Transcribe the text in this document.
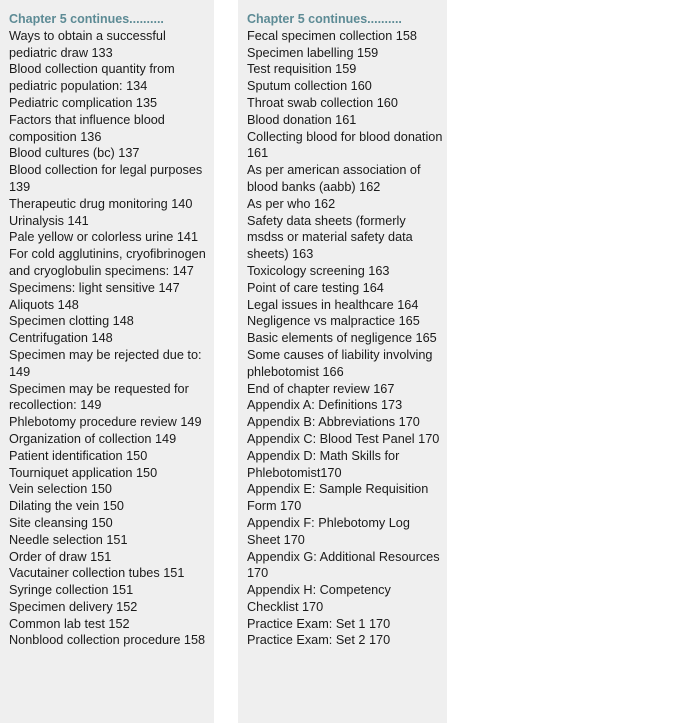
Chapter 5 continues..........
Ways to obtain a successful pediatric draw 133
Blood collection quantity from pediatric population: 134
Pediatric complication 135
Factors that influence blood composition 136
Blood cultures (bc) 137
Blood collection for legal purposes 139
Therapeutic drug monitoring 140
Urinalysis 141
Pale yellow or colorless urine 141
For cold agglutinins, cryofibrinogen and cryoglobulin specimens: 147
Specimens: light sensitive 147
Aliquots 148
Specimen clotting 148
Centrifugation 148
Specimen may be rejected due to: 149
Specimen may be requested for recollection: 149
Phlebotomy procedure review 149
Organization of collection 149
Patient identification 150
Tourniquet application 150
Vein selection 150
Dilating the vein 150
Site cleansing 150
Needle selection 151
Order of draw 151
Vacutainer collection tubes 151
Syringe collection 151
Specimen delivery 152
Common lab test 152
Nonblood collection procedure 158
Chapter 5 continues..........
Fecal specimen collection 158
Specimen labelling 159
Test requisition 159
Sputum collection 160
Throat swab collection 160
Blood donation 161
Collecting blood for blood donation 161
As per american association of blood banks (aabb) 162
As per who 162
Safety data sheets (formerly msdss or material safety data sheets) 163
Toxicology screening 163
Point of care testing 164
Legal issues in healthcare 164
Negligence vs malpractice 165
Basic elements of negligence 165
Some causes of liability involving phlebotomist 166
End of chapter review 167
Appendix A: Definitions 173
Appendix B: Abbreviations 170
Appendix C: Blood Test Panel 170
Appendix D: Math Skills for Phlebotomist170
Appendix E: Sample Requisition Form 170
Appendix F: Phlebotomy Log Sheet 170
Appendix G: Additional Resources 170
Appendix H: Competency Checklist 170
Practice Exam: Set 1 170
Practice Exam: Set 2 170
